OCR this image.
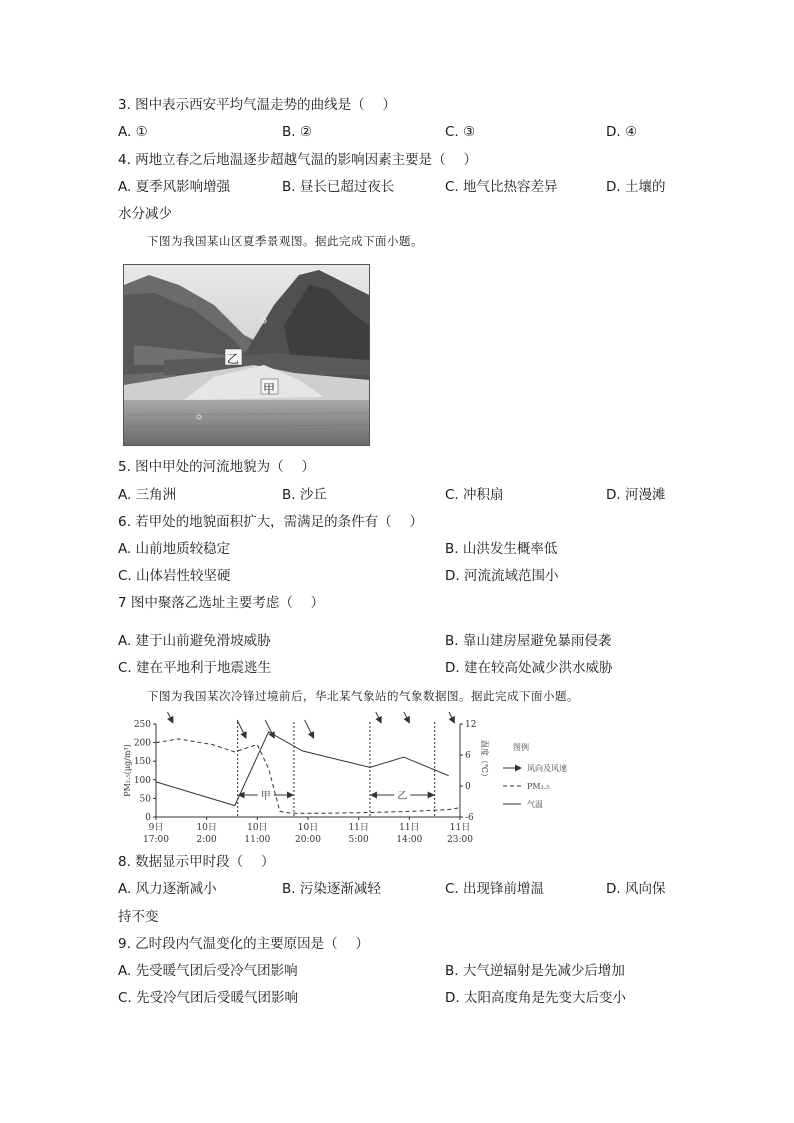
3. 图中表示西安平均气温走势的曲线是（　 ）
A. ①	B. ②	C. ③	D. ④
4. 两地立春之后地温逐步超越气温的影响因素主要是（　 ）
A. 夏季风影响增强	B. 昼长已超过夜长	C. 地气比热容差异	D. 土壤的
水分减少
下图为我国某山区夏季景观图。据此完成下面小题。
乙
甲
5. 图中甲处的河流地貌为（　 ）
A. 三角洲	B. 沙丘	C. 冲积扇	D. 河漫滩
6. 若甲处的地貌面积扩大，需满足的条件有（　 ）
A. 山前地质较稳定	B. 山洪发生概率低
C. 山体岩性较坚硬	D. 河流流域范围小
7 图中聚落乙选址主要考虑（　 ）
A. 建于山前避免滑坡威胁	B. 靠山建房屋避免暴雨侵袭
C. 建在平地利于地震逃生	D. 建在较高处减少洪水威胁
下图为我国某次冷锋过境前后，华北某气象站的气象数据图。据此完成下面小题。
250
200
150
100
50
0
12
6
0
-6
PM₂.₅(μg/m³)	温度（℃）
9日
17:00
10日
2:00
10日
11:00
10日
20:00
11日
5:00
11日
14:00
11日
23:00
甲	乙
图例
风向及风速
PM₂.₅
气温
8. 数据显示甲时段（　 ）
A. 风力逐渐减小	B. 污染逐渐减轻	C. 出现锋前增温	D. 风向保
持不变
9. 乙时段内气温变化的主要原因是（　 ）
A. 先受暖气团后受冷气团影响	B. 大气逆辐射是先减少后增加
C. 先受冷气团后受暖气团影响	D. 太阳高度角是先变大后变小
